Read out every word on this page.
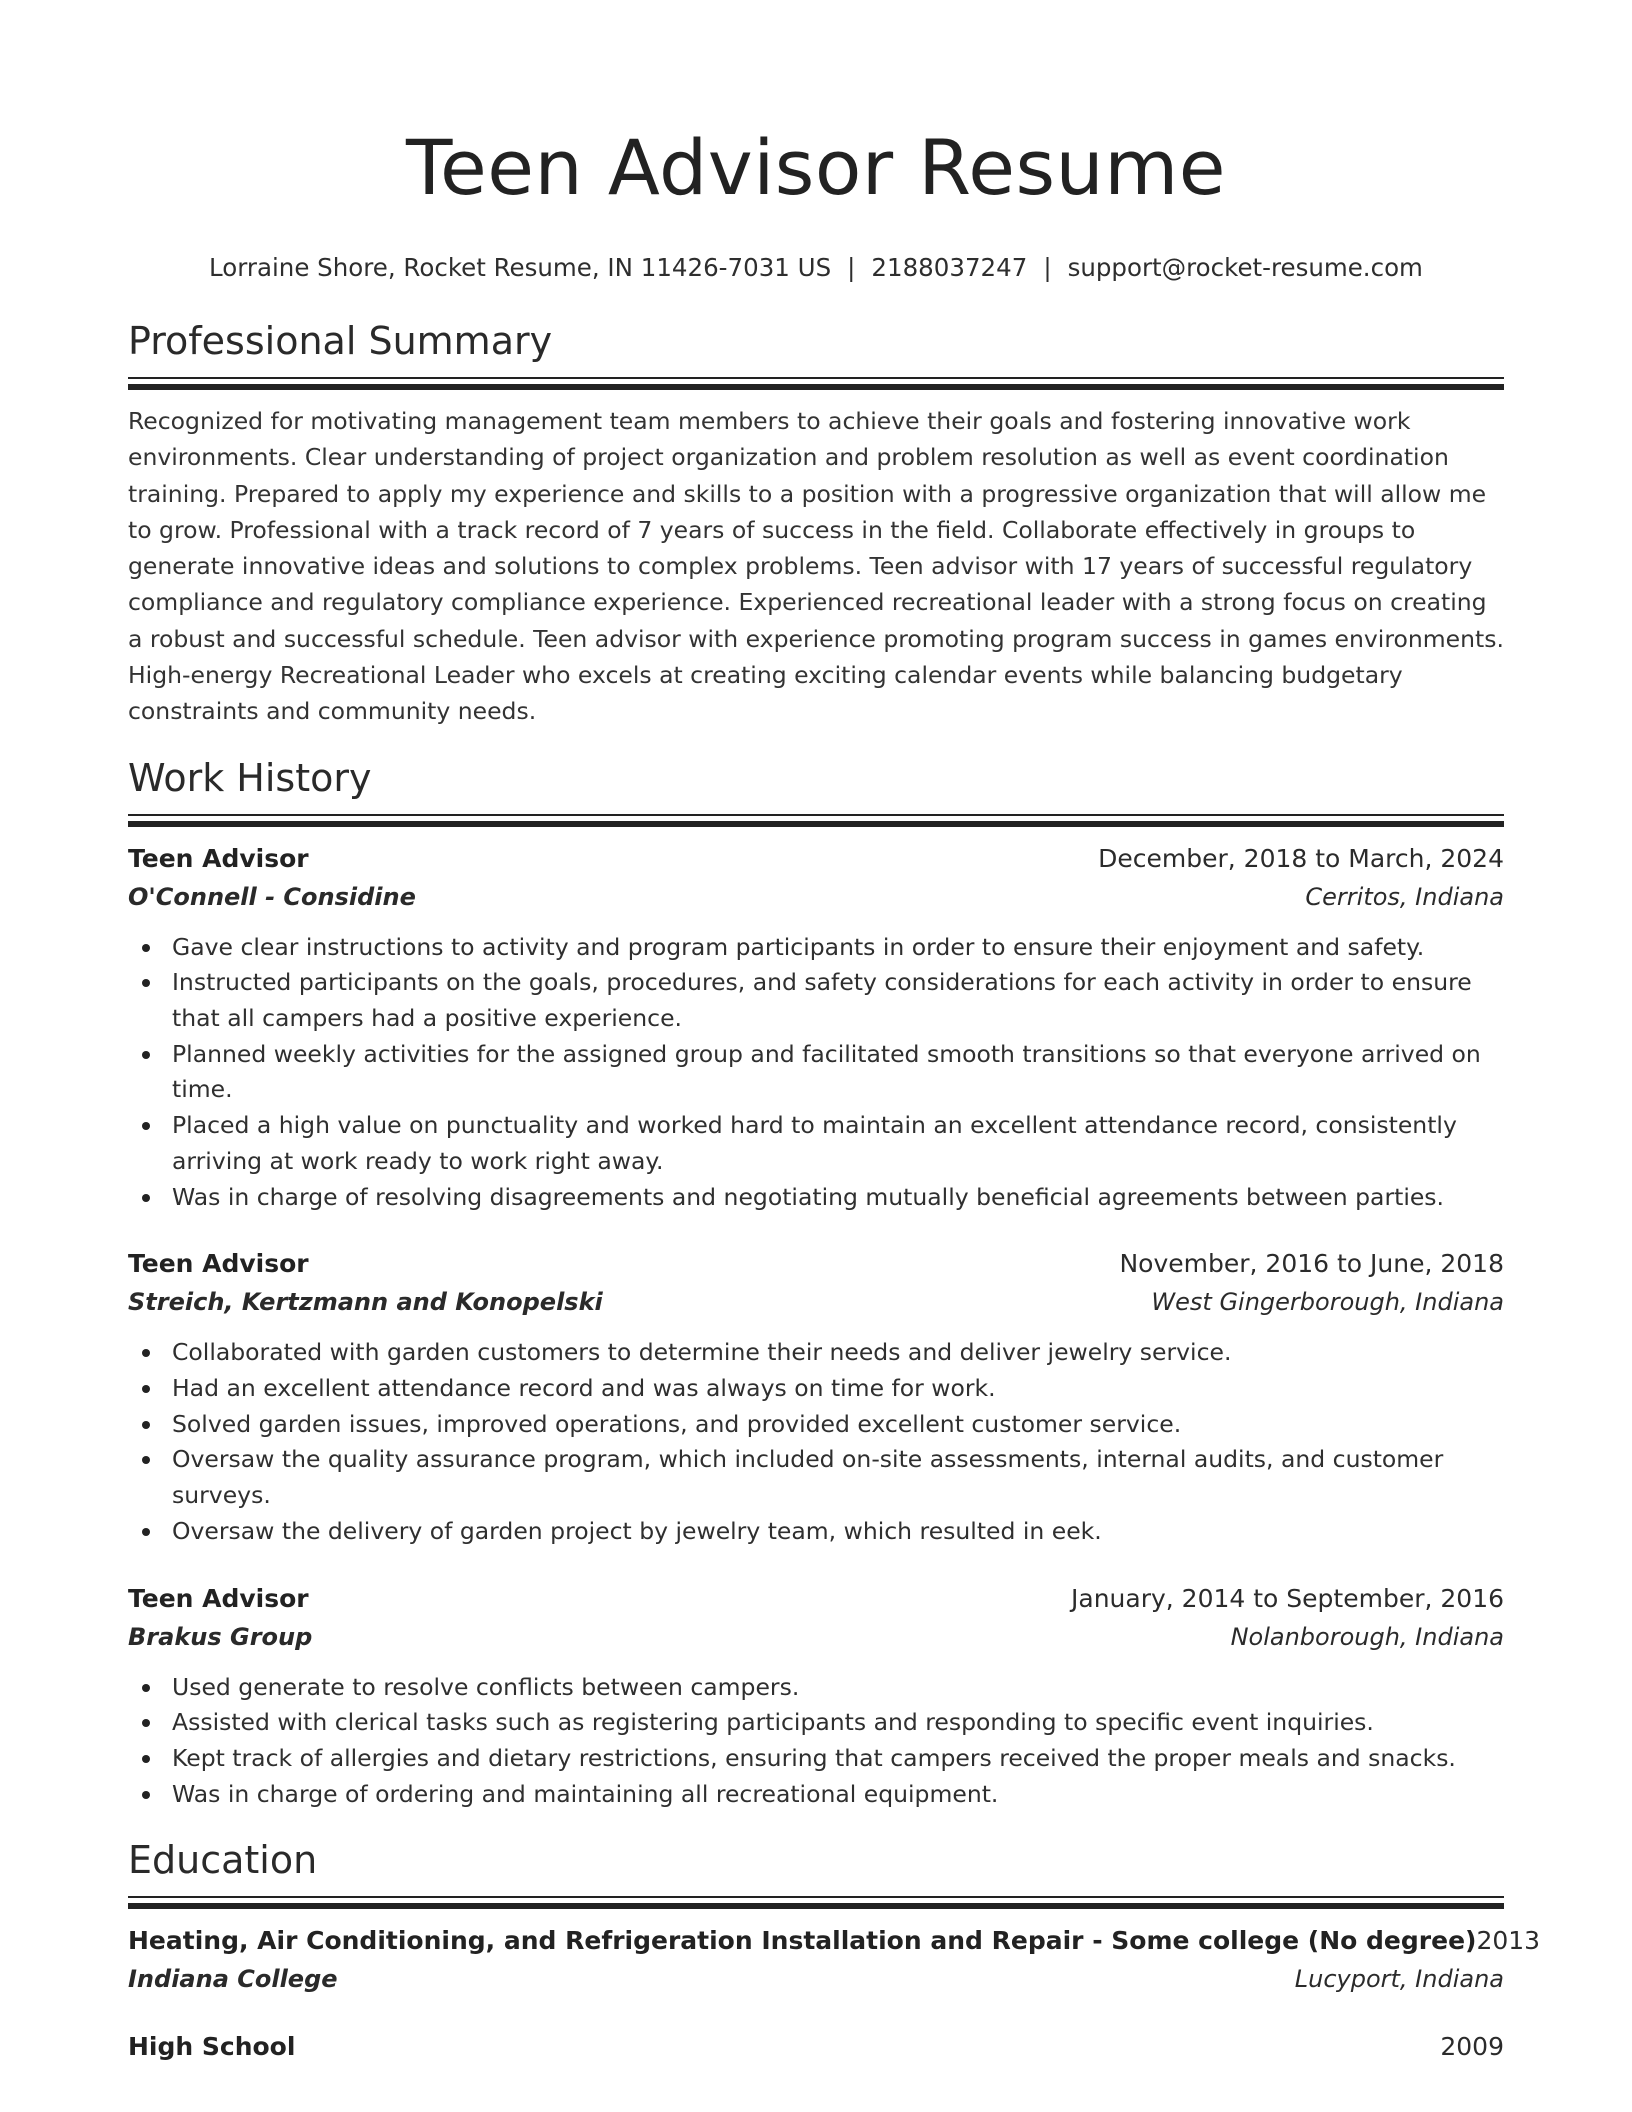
Teen Advisor Resume
Lorraine Shore, Rocket Resume, IN 11426-7031 US | 2188037247 | support@rocket-resume.com
Professional Summary

Recognized for motivating management team members to achieve their goals and fostering innovative work environments. Clear understanding of project organization and problem resolution as well as event coordination training. Prepared to apply my experience and skills to a position with a progressive organization that will allow me to grow. Professional with a track record of 7 years of success in the field. Collaborate effectively in groups to generate innovative ideas and solutions to complex problems. Teen advisor with 17 years of successful regulatory compliance and regulatory compliance experience. Experienced recreational leader with a strong focus on creating a robust and successful schedule. Teen advisor with experience promoting program success in games environments. High-energy Recreational Leader who excels at creating exciting calendar events while balancing budgetary constraints and community needs.

Work History
Teen Advisor	December, 2018 to March, 2024
O'Connell - Considine	Cerritos, Indiana
Gave clear instructions to activity and program participants in order to ensure their enjoyment and safety.
Instructed participants on the goals, procedures, and safety considerations for each activity in order to ensure that all campers had a positive experience.
Planned weekly activities for the assigned group and facilitated smooth transitions so that everyone arrived on time.
Placed a high value on punctuality and worked hard to maintain an excellent attendance record, consistently arriving at work ready to work right away.
Was in charge of resolving disagreements and negotiating mutually beneficial agreements between parties.
Teen Advisor	November, 2016 to June, 2018
Streich, Kertzmann and Konopelski	West Gingerborough, Indiana
Collaborated with garden customers to determine their needs and deliver jewelry service.
Had an excellent attendance record and was always on time for work.
Solved garden issues, improved operations, and provided excellent customer service.
Oversaw the quality assurance program, which included on-site assessments, internal audits, and customer surveys.
Oversaw the delivery of garden project by jewelry team, which resulted in eek.
Teen Advisor	January, 2014 to September, 2016
Brakus Group	Nolanborough, Indiana
Used generate to resolve conflicts between campers.
Assisted with clerical tasks such as registering participants and responding to specific event inquiries.
Kept track of allergies and dietary restrictions, ensuring that campers received the proper meals and snacks.
Was in charge of ordering and maintaining all recreational equipment.
Education
Heating, Air Conditioning, and Refrigeration Installation and Repair - Some college (No degree) 2013
Indiana College	Lucyport, Indiana
High School	2009
